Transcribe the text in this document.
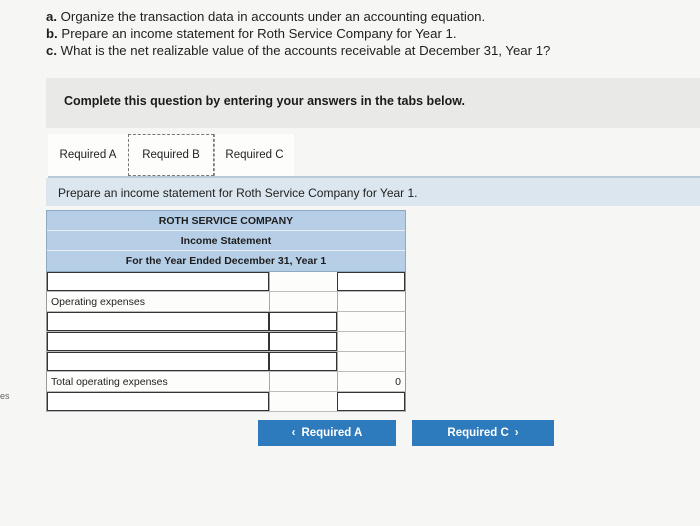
a. Organize the transaction data in accounts under an accounting equation.
b. Prepare an income statement for Roth Service Company for Year 1.
c. What is the net realizable value of the accounts receivable at December 31, Year 1?
Complete this question by entering your answers in the tabs below.
Required A	Required B	Required C
Prepare an income statement for Roth Service Company for Year 1.
ROTH SERVICE COMPANY
Income Statement
For the Year Ended December 31, Year 1
Operating expenses
Total operating expenses	0
‹ Required A	Required C ›
es
